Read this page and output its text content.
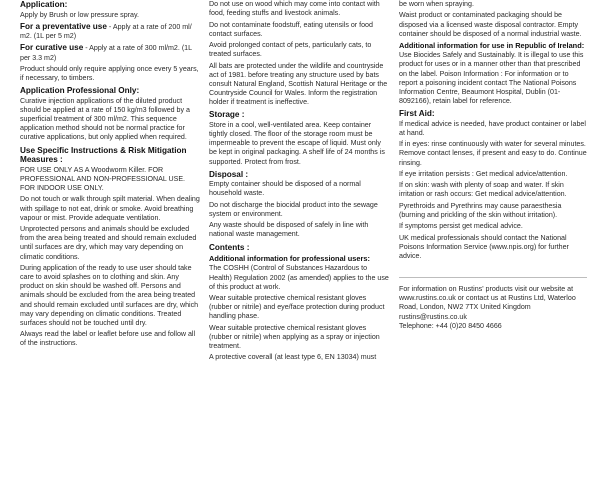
Application:

Apply by Brush or low pressure spray.

For a preventative use - Apply at a rate of 200 ml/ m2. (1L per 5 m2)

For curative use - Apply at a rate of 300 ml/m2. (1L per 3.3 m2)

Product should only require applying once every 5 years, if necessary, to timbers.

Application Professional Only:

Curative injection applications of the diluted product should be applied at a rate of 150 kg/m3 followed by a superficial treatment of 300 ml/m2. This sequence application method should not be normal practice for curative applications, but only applied when required.

Use Specific Instructions & Risk Mitigation Measures :

FOR USE ONLY AS A Woodworm Killer. FOR PROFESSIONAL AND NON-PROFESSIONAL USE. FOR INDOOR USE ONLY.

Do not touch or walk through spilt material. When dealing with spillage to not eat, drink or smoke. Avoid breathing vapour or mist. Provide adequate ventilation.

Unprotected persons and animals should be excluded from the area being treated and should remain excluded until surfaces are dry, which may vary depending on climatic conditions.

During application of the ready to use user should take care to avoid splashes on to clothing and skin. Any product on skin should be washed off. Persons and animals should be excluded from the area being treated and should remain excluded until surfaces are dry, which may vary depending on climatic conditions. Treated surfaces should not be touched until dry.

Always read the label or leaflet before use and follow all of the instructions.

Do not use on wood which may come into contact with food, feeding stuffs and livestock animals.

Do not contaminate foodstuff, eating utensils or food contact surfaces.

Avoid prolonged contact of pets, particularly cats, to treated surfaces.

All bats are protected under the wildlife and countryside act of 1981. before treating any structure used by bats consult Natural England, Scottish Natural Heritage or the Countryside Council for Wales. Inform the registration holder if treatment is ineffective.

Storage :

Store in a cool, well-ventilated area. Keep container tightly closed. The floor of the storage room must be impermeable to prevent the escape of liquid. Must only be kept in original packaging. A shelf life of 24 months is supported. Protect from frost.

Disposal :

Empty container should be disposed of a normal household waste.

Do not discharge the biocidal product into the sewage system or environment.

Any waste should be disposed of safely in line with national waste management.

Contents :
Additional information for professional users:

The COSHH (Control of Substances Hazardous to Health) Regulation 2002 (as amended) applies to the use of this product at work.

Wear suitable protective chemical resistant gloves (rubber or nitrile) and eye/face protection during product handling phase.

Wear suitable protective chemical resistant gloves (rubber or nitrile) when applying as a spray or injection treatment.

A protective coverall (at least type 6, EN 13034) must

be worn when spraying.

Waist product or contaminated packaging should be disposed via a licensed waste disposal contractor. Empty container should be disposed of a normal industrial waste.

Additional information for use in Republic of Ireland:

Use Biocides Safely and Sustainably. It is illegal to use this product for uses or in a manner other than that prescribed on the label. Poison Information : For information or to report a poisoning incident contact The National Poisons Information Centre, Beaumont Hospital, Dublin (01-8092166), retain label for reference.

First Aid:

If medical advice is needed, have product container or label at hand.

If in eyes: rinse continuously with water for several minutes. Remove contact lenses, if present and easy to do. Continue rinsing.

If eye irritation persists : Get medical advice/attention.

If on skin: wash with plenty of soap and water. If skin irritation or rash occurs: Get medical advice/attention.

Pyrethroids and Pyrethrins may cause paraesthesia (burning and prickling of the skin without irritation).

If symptoms persist get medical advice.

UK medical professionals should contact the National Poisons Information Service (www.npis.org) for further advice.

For information on Rustins' products visit our website at www.rustins.co.uk or contact us at Rustins Ltd, Waterloo Road, London, NW2 7TX United Kingdom rustins@rustins.co.uk

Telephone: +44 (0)20 8450 4666
